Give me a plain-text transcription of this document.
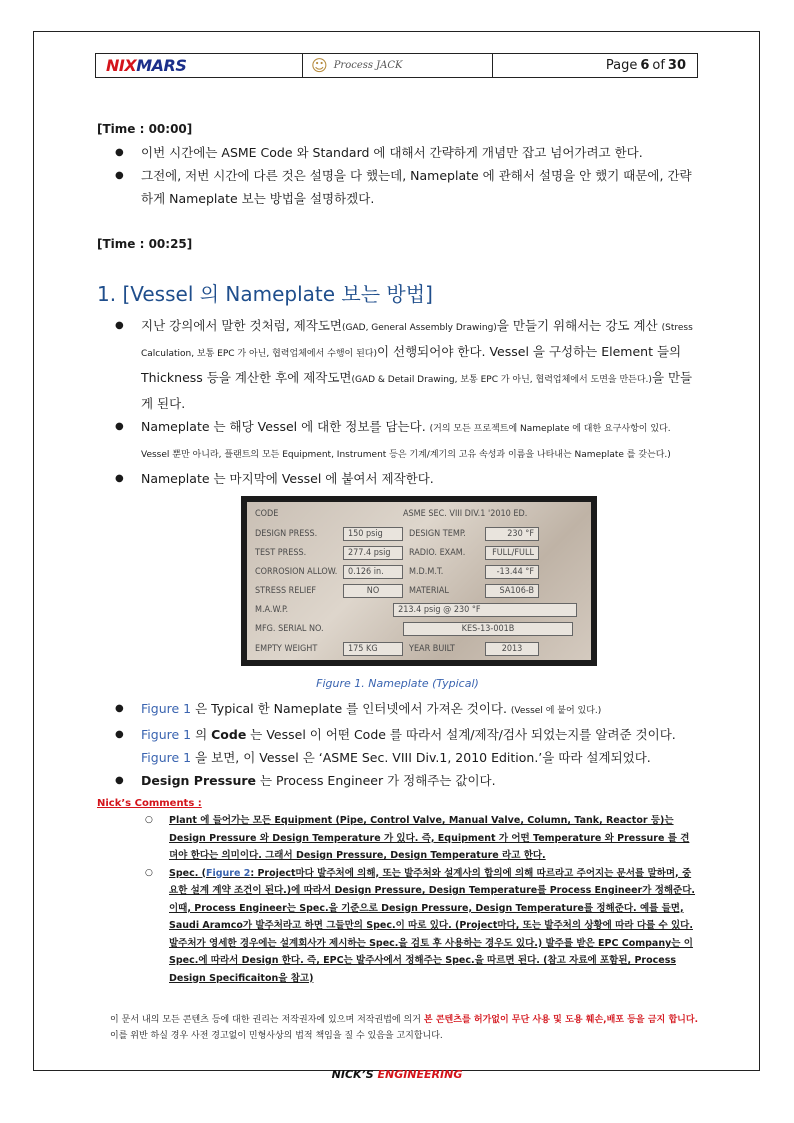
NIXMARS	☺ Process JACK	Page 6 of 30

[Time : 00:00]

● 이번 시간에는 ASME Code 와 Standard 에 대해서 간략하게 개념만 잡고 넘어가려고 한다.
● 그전에, 저번 시간에 다른 것은 설명을 다 했는데, Nameplate 에 관해서 설명을 안 했기 때문에, 간략하게 Nameplate 보는 방법을 설명하겠다.

[Time : 00:25]

1. [Vessel 의 Nameplate 보는 방법]
● 지난 강의에서 말한 것처럼, 제작도면(GAD, General Assembly Drawing)을 만들기 위해서는 강도 계산 (Stress Calculation, 보통 EPC 가 아닌, 협력업체에서 수행이 된다)이 선행되어야 한다. Vessel 을 구성하는 Element 들의 Thickness 등을 계산한 후에 제작도면(GAD & Detail Drawing, 보통 EPC 가 아닌, 협력업체에서 도면을 만든다.)을 만들게 된다.
● Nameplate 는 해당 Vessel 에 대한 정보를 담는다. (거의 모든 프로젝트에 Nameplate 에 대한 요구사항이 있다. Vessel 뿐만 아니라, 플랜트의 모든 Equipment, Instrument 등은 기계/계기의 고유 속성과 이름을 나타내는 Nameplate 를 갖는다.)
● Nameplate 는 마지막에 Vessel 에 붙여서 제작한다.
CODE	ASME SEC. VIII DIV.1 '2010 ED.
DESIGN PRESS.	150 psig	DESIGN TEMP.	230 °F
TEST PRESS.	277.4 psig	RADIO. EXAM.	FULL/FULL
CORROSION ALLOW.	0.126 in.	M.D.M.T.	-13.44 °F
STRESS RELIEF	NO	MATERIAL	SA106-B
M.A.W.P.	213.4 psig @ 230 °F
MFG. SERIAL NO.	KES-13-001B
EMPTY WEIGHT	175 KG	YEAR BUILT	2013
Figure 1. Nameplate (Typical)
● Figure 1 은 Typical 한 Nameplate 를 인터넷에서 가져온 것이다. (Vessel 에 붙어 있다.)
● Figure 1 의 Code 는 Vessel 이 어떤 Code 를 따라서 설계/제작/검사 되었는지를 알려준 것이다. Figure 1 을 보면, 이 Vessel 은 ‘ASME Sec. VIII Div.1, 2010 Edition.’을 따라 설계되었다.
● Design Pressure 는 Process Engineer 가 정해주는 값이다.
Nick’s Comments :
○ Plant 에 들어가는 모든 Equipment (Pipe, Control Valve, Manual Valve, Column, Tank, Reactor 등)는 Design Pressure 와 Design Temperature 가 있다. 즉, Equipment 가 어떤 Temperature 와 Pressure 를 견뎌야 한다는 의미이다. 그래서 Design Pressure, Design Temperature 라고 한다.
○ Spec. (Figure 2: Project마다 발주처에 의해, 또는 발주처와 설계사의 합의에 의해 따르라고 주어지는 문서를 말하며, 중요한 설계 계약 조건이 된다.)에 따라서 Design Pressure, Design Temperature를 Process Engineer가 정해준다. 이때, Process Engineer는 Spec.을 기준으로 Design Pressure, Design Temperature를 정해준다. 예를 들면, Saudi Aramco가 발주처라고 하면 그들만의 Spec.이 따로 있다. (Project마다, 또는 발주처의 상황에 따라 다를 수 있다. 발주처가 영세한 경우에는 설계회사가 제시하는 Spec.을 검토 후 사용하는 경우도 있다.) 발주를 받은 EPC Company는 이 Spec.에 따라서 Design 한다. 즉, EPC는 발주사에서 정해주는 Spec.을 따르면 된다. (참고 자료에 포함된, Process Design Specificaiton을 참고)
이 문서 내의 모든 콘텐츠 등에 대한 권리는 저작권자에 있으며 저작권법에 의거 본 콘텐츠를 허가없이 무단 사용 및 도용 훼손,배포 등을 금지 합니다.이를 위반 하실 경우 사전 경고없이 민형사상의 법적 책임을 질 수 있음을 고지합니다.
NICK’S ENGINEERING
